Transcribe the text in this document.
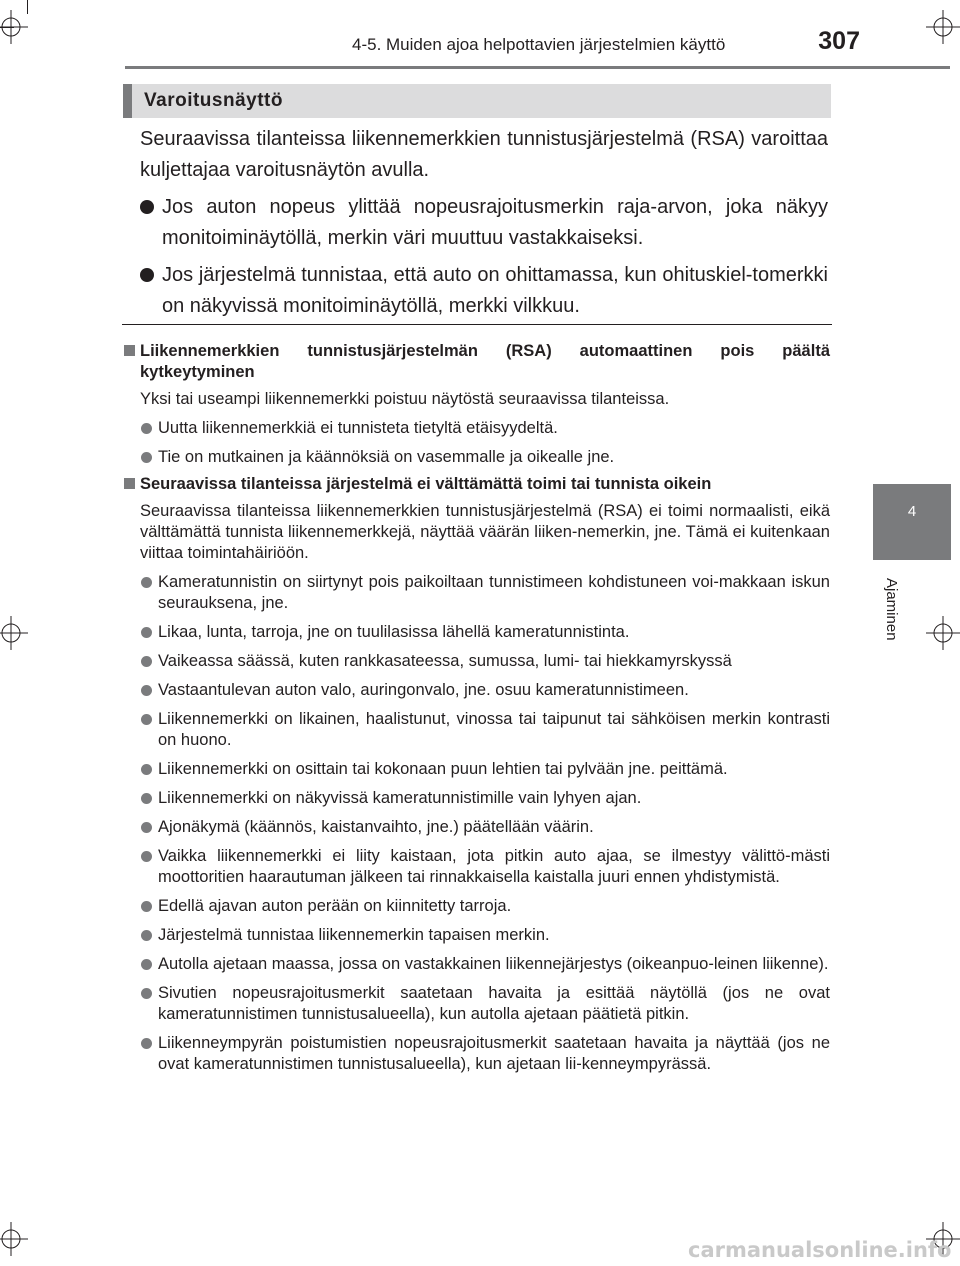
4-5. Muiden ajoa helpottavien järjestelmien käyttö	307
4
Ajaminen
Varoitusnäyttö

Seuraavissa tilanteissa liikennemerkkien tunnistusjärjestelmä (RSA) varoittaa kuljettajaa varoitusnäytön avulla.

Jos auton nopeus ylittää nopeusrajoitusmerkin raja-arvon, joka näkyy monitoiminäytöllä, merkin väri muuttuu vastakkaiseksi.
Jos järjestelmä tunnistaa, että auto on ohittamassa, kun ohituskiel-tomerkki on näkyvissä monitoiminäytöllä, merkki vilkkuu.
Liikennemerkkien tunnistusjärjestelmän (RSA) automaattinen pois päältä kytkeytyminen
Yksi tai useampi liikennemerkki poistuu näytöstä seuraavissa tilanteissa.
Uutta liikennemerkkiä ei tunnisteta tietyltä etäisyydeltä.
Tie on mutkainen ja käännöksiä on vasemmalle ja oikealle jne.
Seuraavissa tilanteissa järjestelmä ei välttämättä toimi tai tunnista oikein
Seuraavissa tilanteissa liikennemerkkien tunnistusjärjestelmä (RSA) ei toimi normaalisti, eikä välttämättä tunnista liikennemerkkejä, näyttää väärän liiken-nemerkin, jne. Tämä ei kuitenkaan viittaa toimintahäiriöön.
Kameratunnistin on siirtynyt pois paikoiltaan tunnistimeen kohdistuneen voi-makkaan iskun seurauksena, jne.
Likaa, lunta, tarroja, jne on tuulilasissa lähellä kameratunnistinta.
Vaikeassa säässä, kuten rankkasateessa, sumussa, lumi- tai hiekkamyrskyssä
Vastaantulevan auton valo, auringonvalo, jne. osuu kameratunnistimeen.
Liikennemerkki on likainen, haalistunut, vinossa tai taipunut tai sähköisen merkin kontrasti on huono.
Liikennemerkki on osittain tai kokonaan puun lehtien tai pylvään jne. peittämä.
Liikennemerkki on näkyvissä kameratunnistimille vain lyhyen ajan.
Ajonäkymä (käännös, kaistanvaihto, jne.) päätellään väärin.
Vaikka liikennemerkki ei liity kaistaan, jota pitkin auto ajaa, se ilmestyy välittö-mästi moottoritien haarautuman jälkeen tai rinnakkaisella kaistalla juuri ennen yhdistymistä.
Edellä ajavan auton perään on kiinnitetty tarroja.
Järjestelmä tunnistaa liikennemerkin tapaisen merkin.
Autolla ajetaan maassa, jossa on vastakkainen liikennejärjestys (oikeanpuo-leinen liikenne).
Sivutien nopeusrajoitusmerkit saatetaan havaita ja esittää näytöllä (jos ne ovat kameratunnistimen tunnistusalueella), kun autolla ajetaan päätietä pitkin.
Liikenneympyrän poistumistien nopeusrajoitusmerkit saatetaan havaita ja näyttää (jos ne ovat kameratunnistimen tunnistusalueella), kun ajetaan lii-kenneympyrässä.
carmanualsonline.info
